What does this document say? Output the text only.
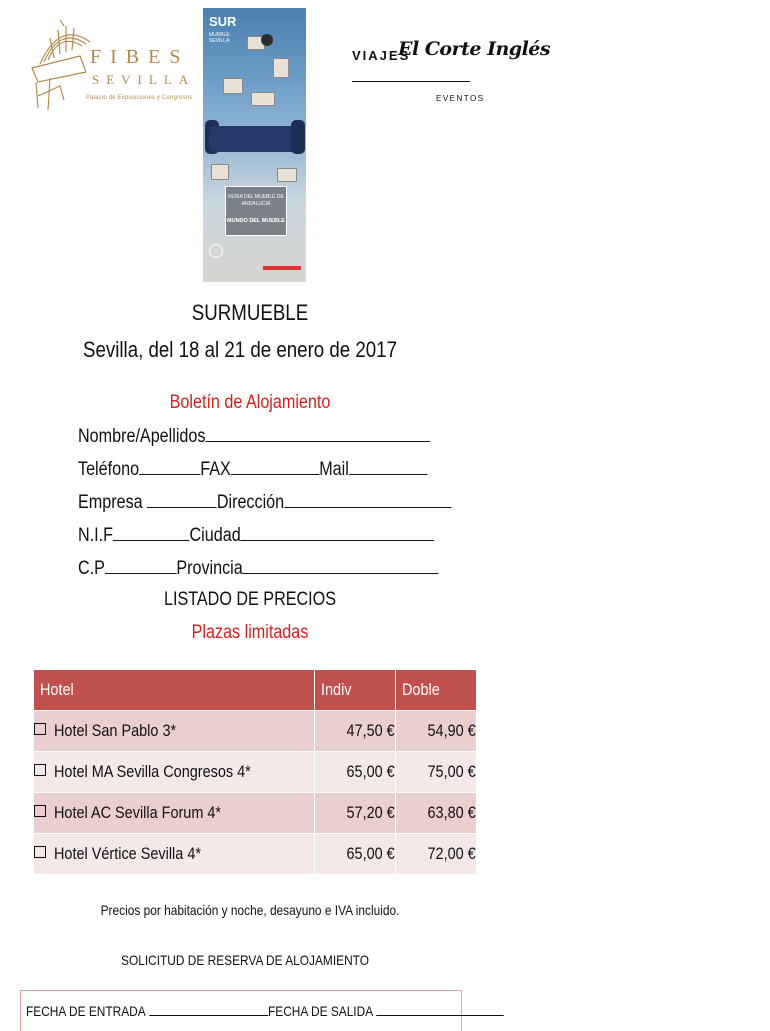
FIBES
SEVILLA
Palacio de Exposiciones y Congresos
SUR
MUEBLE SEVILLA
FERIA DEL MUEBLE DE ANDALUCIA
MUNDO DEL MUEBLE
VIAJES
El Corte Inglés
EVENTOS
SURMUEBLE
Sevilla, del 18 al 21 de enero de 2017
Boletín de Alojamiento
Nombre/Apellidos
Teléfono	FAX	Mail
Empresa	Dirección
N.I.F	Ciudad
C.P	Provincia
LISTADO DE PRECIOS
Plazas limitadas
Hotel	Indiv	Doble
Hotel San Pablo 3*	47,50 €	54,90 €
Hotel MA Sevilla Congresos 4*	65,00 €	75,00 €
Hotel AC Sevilla Forum 4*	57,20 €	63,80 €
Hotel Vértice Sevilla 4*	65,00 €	72,00 €
Precios por habitación y noche, desayuno e IVA incluido.
SOLICITUD DE RESERVA DE ALOJAMIENTO
FECHA DE ENTRADA	FECHA DE SALIDA
